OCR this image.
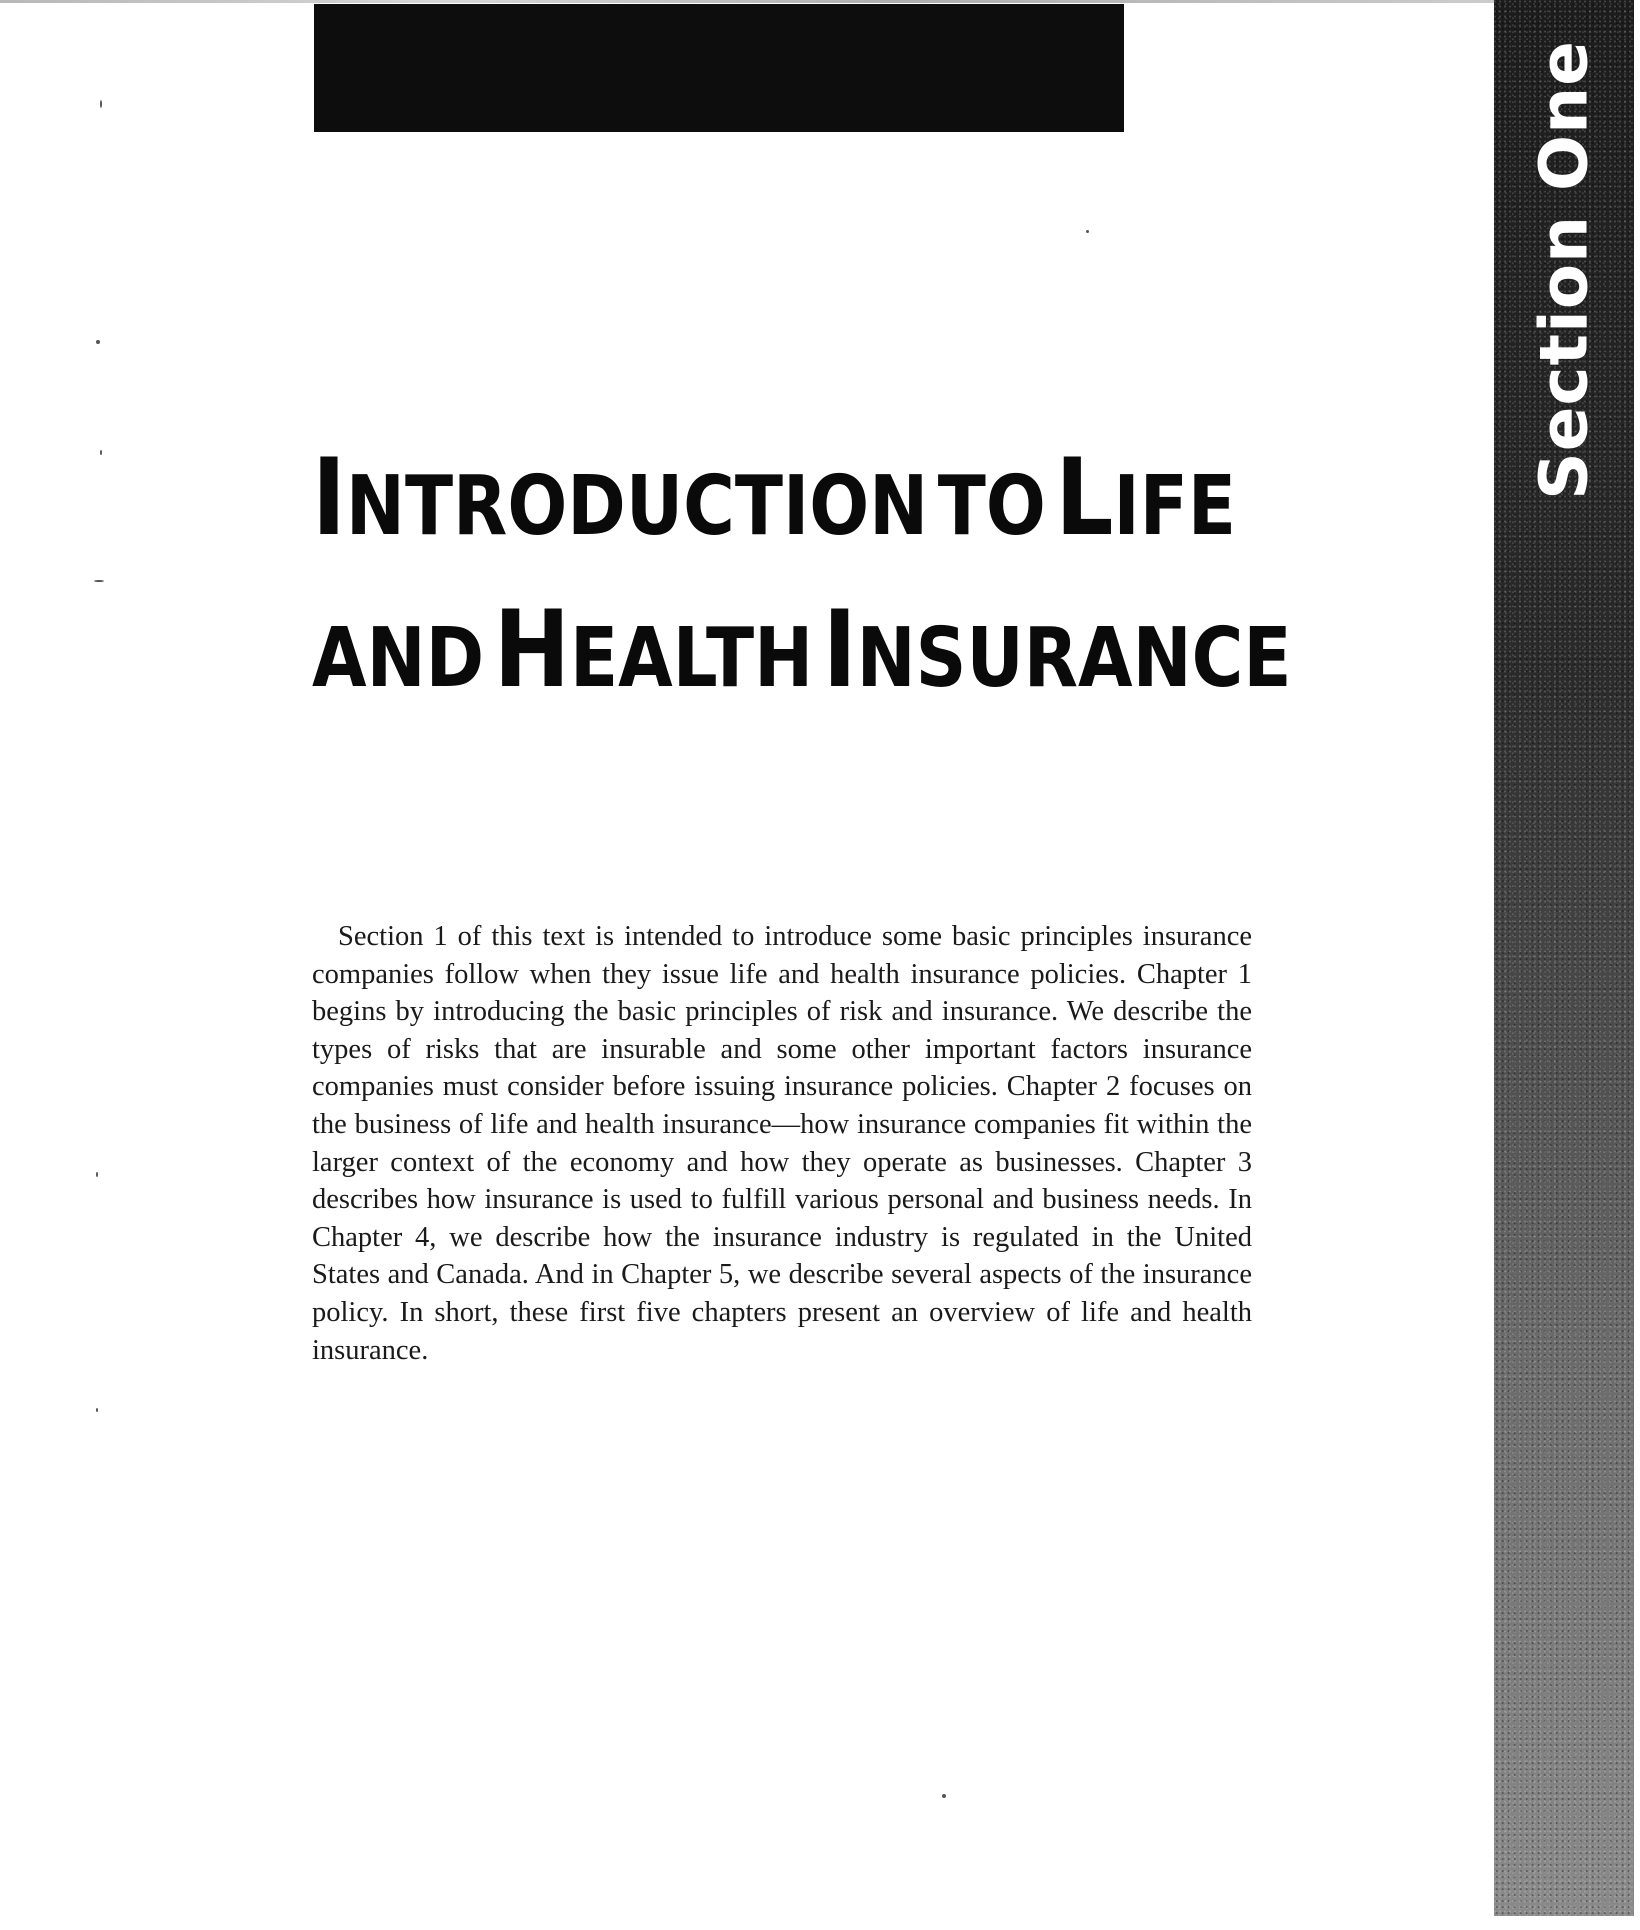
Section One
INTRODUCTION TO LIFE
AND HEALTH INSURANCE

Section 1 of this text is intended to introduce some basic principles insurance companies follow when they issue life and health insurance policies. Chapter 1 begins by introducing the basic principles of risk and insurance. We describe the types of risks that are insurable and some other important factors insurance companies must consider before issuing insurance policies. Chapter 2 focuses on the business of life and health insurance—how insurance companies fit within the larger context of the economy and how they operate as businesses. Chapter 3 describes how insurance is used to fulfill various personal and business needs. In Chapter 4, we describe how the insurance industry is regulated in the United States and Canada. And in Chapter 5, we describe several aspects of the insurance policy. In short, these first five chapters present an overview of life and health insurance.
